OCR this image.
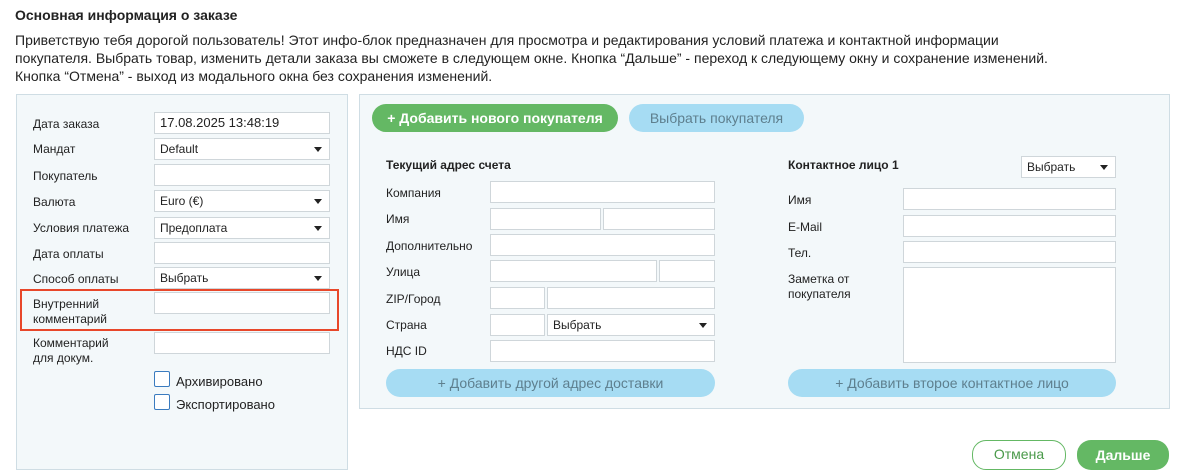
Основная информация о заказе
Приветствую тебя дорогой пользователь! Этот инфо-блок предназначен для просмотра и редактирования условий платежа и контактной информации
покупателя. Выбрать товар, изменить детали заказа вы сможете в следующем окне. Кнопка “Дальше” - переход к следующему окну и сохранение изменений.
Кнопка “Отмена” - выход из модального окна без сохранения изменений.
Дата заказа	17.08.2025 13:48:19
Мандат	Default
Покупатель
Валюта	Euro (€)
Условия платежа	Предоплата
Дата оплаты
Способ оплаты	Выбрать
Внутренний
комментарий
Комментарий
для докум.
Архивировано
Экспортировано
+ Добавить нового покупателя	Выбрать покупателя
Текущий адрес счета
Компания
Имя
Дополнительно
Улица
ZIP/Город
Страна	Выбрать
НДС ID
+ Добавить другой адрес доставки
Контактное лицо 1	Выбрать
Имя
E-Mail
Тел.
Заметка от
покупателя
+ Добавить второе контактное лицо
Отмена	Дальше
